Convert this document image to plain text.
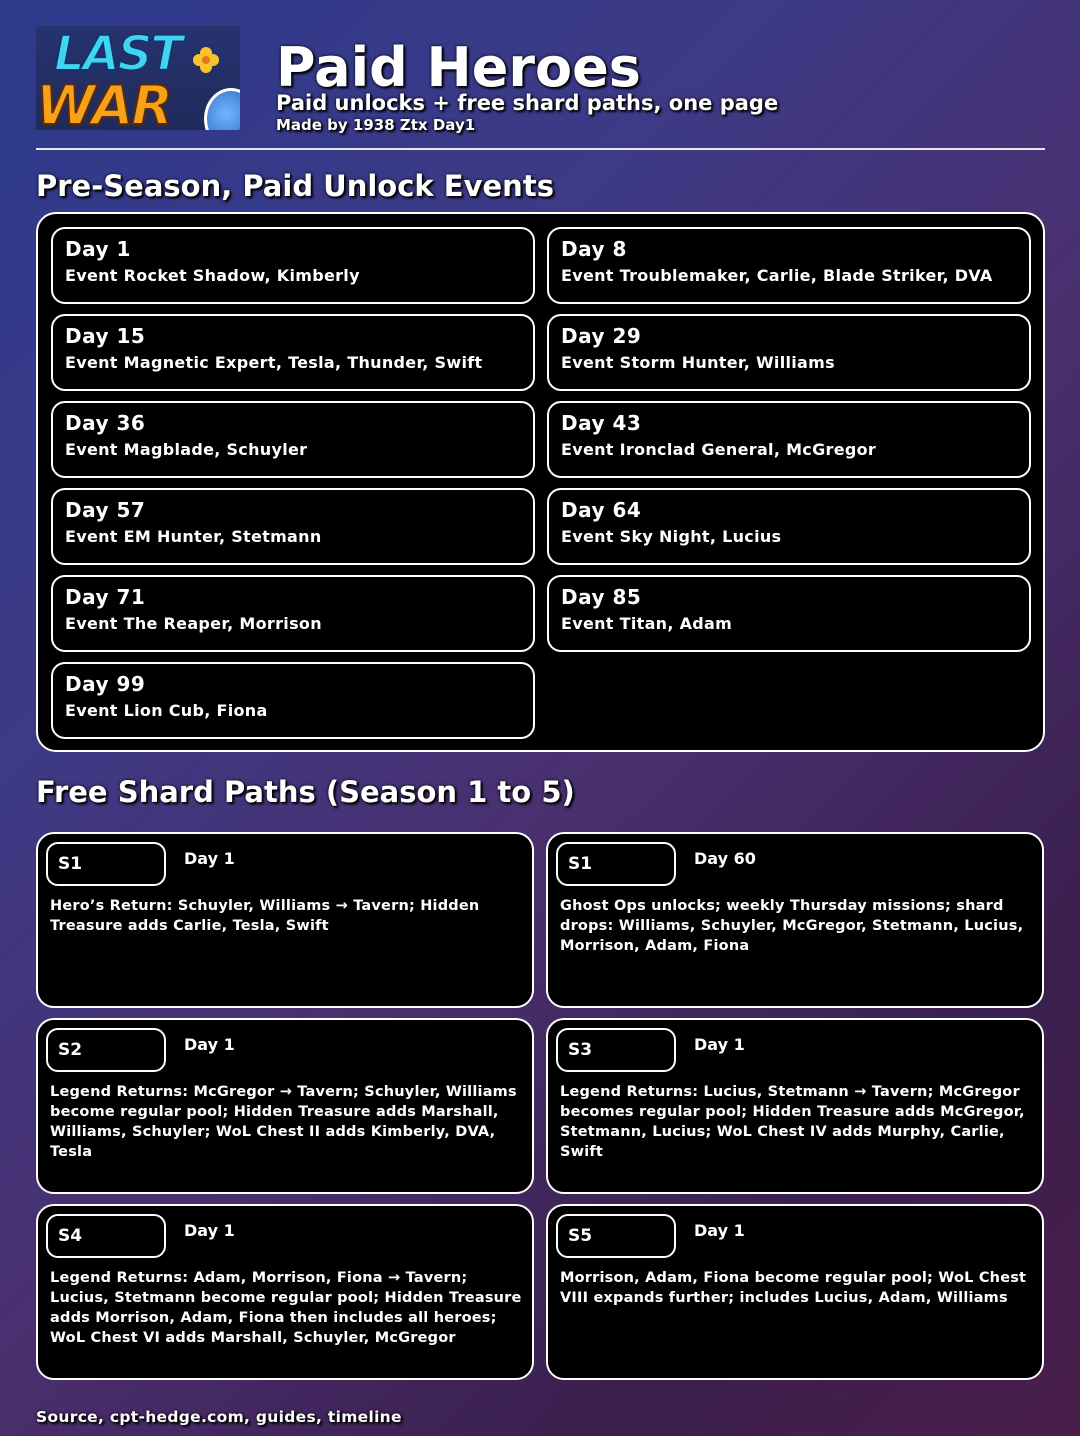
LAST
WAR
Paid Heroes
Paid unlocks + free shard paths, one page
Made by 1938 Ztx Day1
Pre-Season, Paid Unlock Events
Day 1
Event Rocket Shadow, Kimberly
Day 8
Event Troublemaker, Carlie, Blade Striker, DVA
Day 15
Event Magnetic Expert, Tesla, Thunder, Swift
Day 29
Event Storm Hunter, Williams
Day 36
Event Magblade, Schuyler
Day 43
Event Ironclad General, McGregor
Day 57
Event EM Hunter, Stetmann
Day 64
Event Sky Night, Lucius
Day 71
Event The Reaper, Morrison
Day 85
Event Titan, Adam
Day 99
Event Lion Cub, Fiona
Free Shard Paths (Season 1 to 5)
S1	Day 1
Hero’s Return: Schuyler, Williams → Tavern; Hidden Treasure adds Carlie, Tesla, Swift
S1	Day 60
Ghost Ops unlocks; weekly Thursday missions; shard drops: Williams, Schuyler, McGregor, Stetmann, Lucius, Morrison, Adam, Fiona
S2	Day 1
Legend Returns: McGregor → Tavern; Schuyler, Williams become regular pool; Hidden Treasure adds Marshall, Williams, Schuyler; WoL Chest II adds Kimberly, DVA, Tesla
S3	Day 1
Legend Returns: Lucius, Stetmann → Tavern; McGregor becomes regular pool; Hidden Treasure adds McGregor, Stetmann, Lucius; WoL Chest IV adds Murphy, Carlie, Swift
S4	Day 1
Legend Returns: Adam, Morrison, Fiona → Tavern; Lucius, Stetmann become regular pool; Hidden Treasure adds Morrison, Adam, Fiona then includes all heroes; WoL Chest VI adds Marshall, Schuyler, McGregor
S5	Day 1
Morrison, Adam, Fiona become regular pool; WoL Chest VIII expands further; includes Lucius, Adam, Williams
Source, cpt-hedge.com, guides, timeline
